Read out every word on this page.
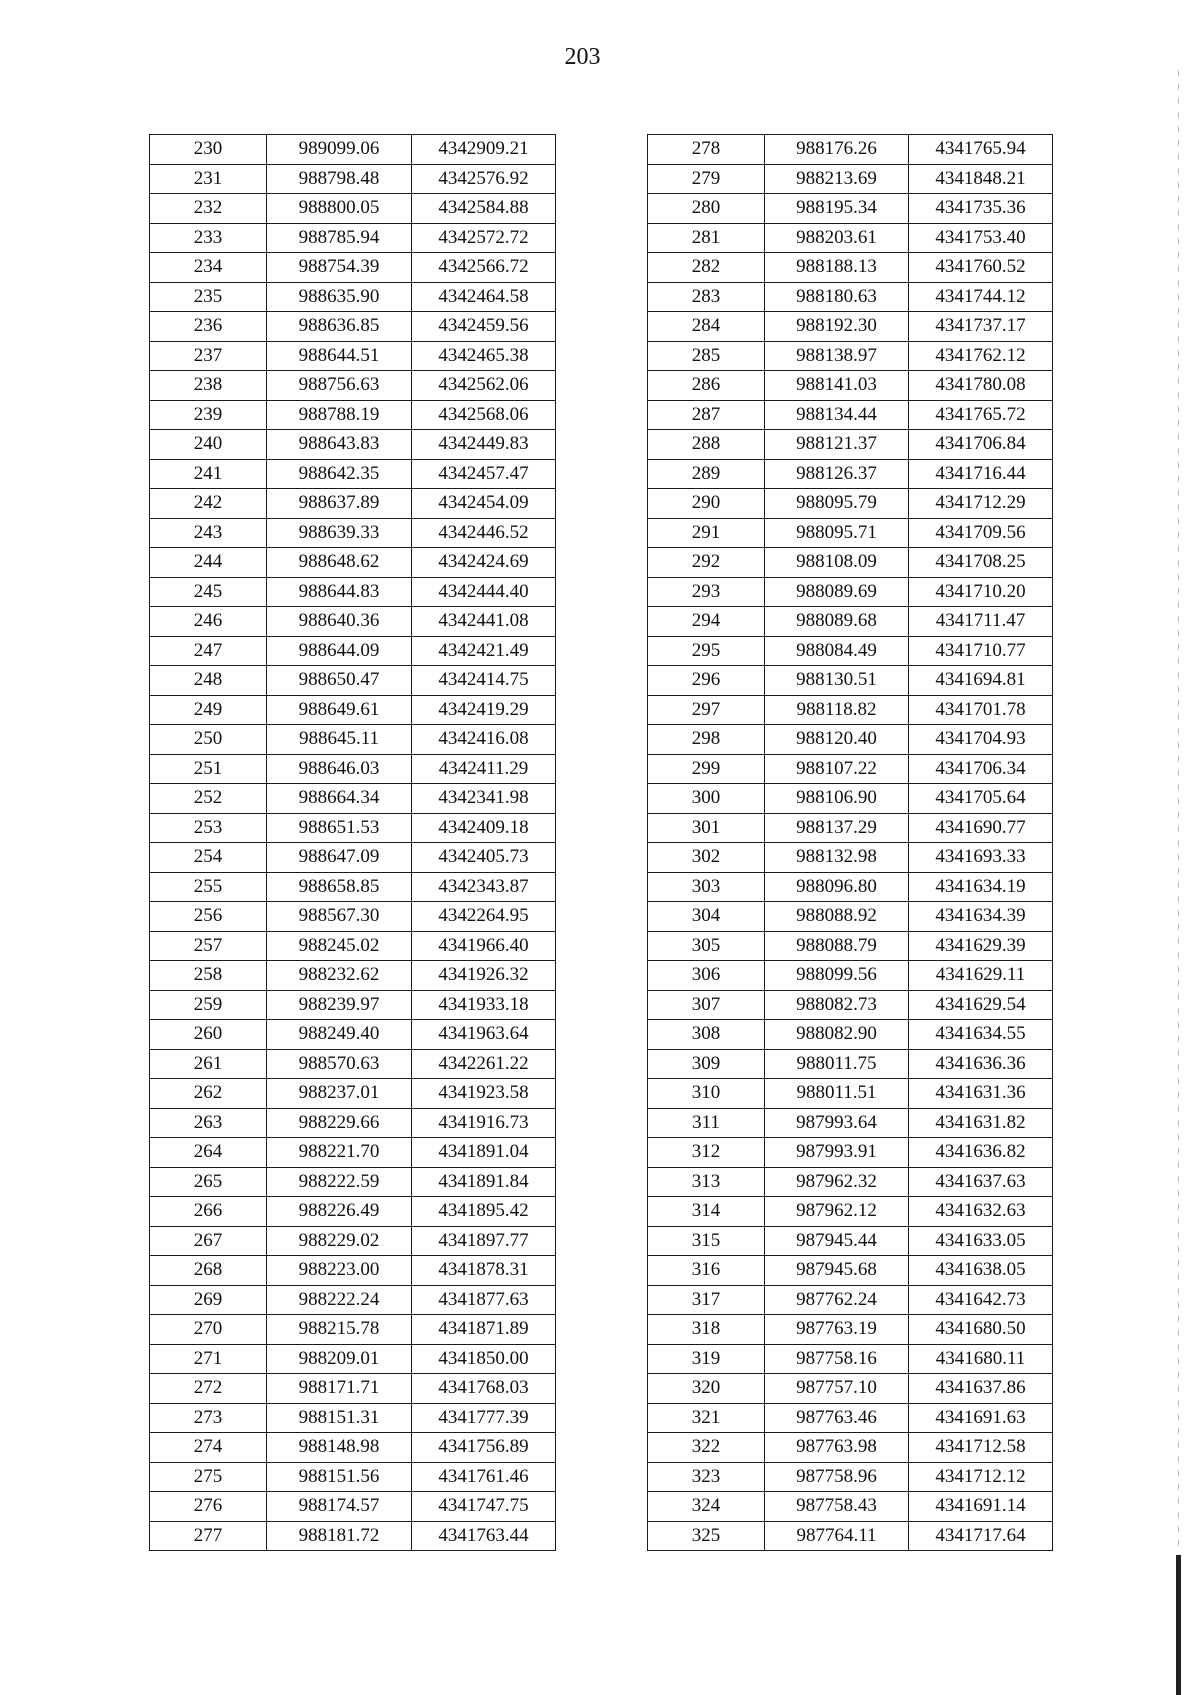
203
230	989099.06	4342909.21
231	988798.48	4342576.92
232	988800.05	4342584.88
233	988785.94	4342572.72
234	988754.39	4342566.72
235	988635.90	4342464.58
236	988636.85	4342459.56
237	988644.51	4342465.38
238	988756.63	4342562.06
239	988788.19	4342568.06
240	988643.83	4342449.83
241	988642.35	4342457.47
242	988637.89	4342454.09
243	988639.33	4342446.52
244	988648.62	4342424.69
245	988644.83	4342444.40
246	988640.36	4342441.08
247	988644.09	4342421.49
248	988650.47	4342414.75
249	988649.61	4342419.29
250	988645.11	4342416.08
251	988646.03	4342411.29
252	988664.34	4342341.98
253	988651.53	4342409.18
254	988647.09	4342405.73
255	988658.85	4342343.87
256	988567.30	4342264.95
257	988245.02	4341966.40
258	988232.62	4341926.32
259	988239.97	4341933.18
260	988249.40	4341963.64
261	988570.63	4342261.22
262	988237.01	4341923.58
263	988229.66	4341916.73
264	988221.70	4341891.04
265	988222.59	4341891.84
266	988226.49	4341895.42
267	988229.02	4341897.77
268	988223.00	4341878.31
269	988222.24	4341877.63
270	988215.78	4341871.89
271	988209.01	4341850.00
272	988171.71	4341768.03
273	988151.31	4341777.39
274	988148.98	4341756.89
275	988151.56	4341761.46
276	988174.57	4341747.75
277	988181.72	4341763.44
278	988176.26	4341765.94
279	988213.69	4341848.21
280	988195.34	4341735.36
281	988203.61	4341753.40
282	988188.13	4341760.52
283	988180.63	4341744.12
284	988192.30	4341737.17
285	988138.97	4341762.12
286	988141.03	4341780.08
287	988134.44	4341765.72
288	988121.37	4341706.84
289	988126.37	4341716.44
290	988095.79	4341712.29
291	988095.71	4341709.56
292	988108.09	4341708.25
293	988089.69	4341710.20
294	988089.68	4341711.47
295	988084.49	4341710.77
296	988130.51	4341694.81
297	988118.82	4341701.78
298	988120.40	4341704.93
299	988107.22	4341706.34
300	988106.90	4341705.64
301	988137.29	4341690.77
302	988132.98	4341693.33
303	988096.80	4341634.19
304	988088.92	4341634.39
305	988088.79	4341629.39
306	988099.56	4341629.11
307	988082.73	4341629.54
308	988082.90	4341634.55
309	988011.75	4341636.36
310	988011.51	4341631.36
311	987993.64	4341631.82
312	987993.91	4341636.82
313	987962.32	4341637.63
314	987962.12	4341632.63
315	987945.44	4341633.05
316	987945.68	4341638.05
317	987762.24	4341642.73
318	987763.19	4341680.50
319	987758.16	4341680.11
320	987757.10	4341637.86
321	987763.46	4341691.63
322	987763.98	4341712.58
323	987758.96	4341712.12
324	987758.43	4341691.14
325	987764.11	4341717.64
